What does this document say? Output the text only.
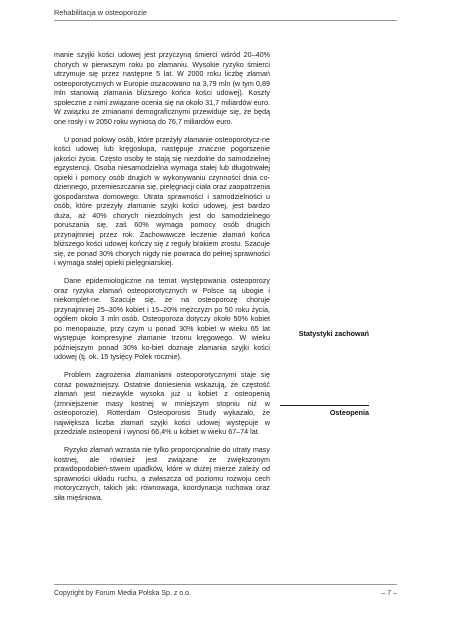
Rehabilitacja w osteoporozie

manie szyjki kości udowej jest przyczyną śmierci wśród 20–40% chorych w pierwszym roku po złamaniu. Wysokie ryzyko śmierci utrzymuje się przez następne 5 lat. W 2000 roku liczbę złamań osteoporotycznych w Europie oszacowano na 3,79 mln (w tym 0,89 mln stanowią złamania bliższego końca kości udowej). Koszty społeczne z nimi związane ocenia się na około 31,7 miliardów euro. W związku ze zmianami demograficznymi przewiduje się, że będą one rosły i w 2050 roku wyniosą do 76,7 miliardów euro.

U ponad połowy osób, które przeżyły złamanie osteoporotycz-ne kości udowej lub kręgosłupa, następuje znaczne pogorszenie jakości życia. Często osoby te stają się niezdolne do samodzielnej egzystencji. Osoba niesamodzielna wymaga stałej lub długotrwałej opieki i pomocy osób drugich w wykonywaniu czynności dnia co-dziennego, przemieszczania się, pielęgnacji ciała oraz zaopatrzenia gospodarstwa domowego. Utrata sprawności i samodzielności u osób, które przeżyły złamanie szyjki kości udowej, jest bardzo duża, aż 40% chorych niezdolnych jest do samodzielnego poruszania się, zaś 60% wymaga pomocy osób drugich przynajmniej przez rok. Zachowawcze leczenie złamań końca bliższego kości udowej kończy się z reguły brakiem zrostu. Szacuje się, że ponad 30% chorych nigdy nie powraca do pełnej sprawności i wymaga stałej opieki pielęgniarskiej.

Dane epidemiologiczne na temat występowania osteoporozy oraz ryzyka złamań osteoporotycznych w Polsce są ubogie i niekomplet-ne. Szacuje się, że na osteoporozę choruje przynajmniej 25–30% kobiet i 15–20% mężczyzn po 50 roku życia, ogółem około 3 mln osób. Osteoporoza dotyczy około 50% kobiet po menopauzie, przy czym u ponad 30% kobiet w wieku 65 lat występuje kompresyjne złamanie trzonu kręgowego. W wieku późniejszym ponad 30% ko-biet doznaje złamania szyjki kości udowej (tj. ok. 15 tysięcy Polek rocznie).

Problem zagrożenia złamaniami osteoporotycznymi staje się coraz poważniejszy. Ostatnie doniesienia wskazują, że częstość złamań jest niezwykle wysoka już u kobiet z osteopenią (zmniejszenie masy kostnej w mniejszym stopniu niż w osteoporozie). Rotterdam Osteoporosis Study wykazało, że największa liczba złamań szyjki kości udowej występuje w przedziale osteopenii i wynosi 66,4% u kobiet w wieku 67–74 lat.

Ryzyko złamań wzrasta nie tylko proporcjonalnie do utraty masy kostnej, ale również jest związane ze zwiększonym prawdopodobień-stwem upadków, które w dużej mierze zależy od sprawności układu ruchu, a zwłaszcza od poziomu rozwoju cech motorycznych, takich jak: równowaga, koordynacja ruchowa oraz siła mięśniowa.

Statystyki zachowań
Osteopenia
Copyright by Forum Media Polska Sp. z o.o.	– 7 –
